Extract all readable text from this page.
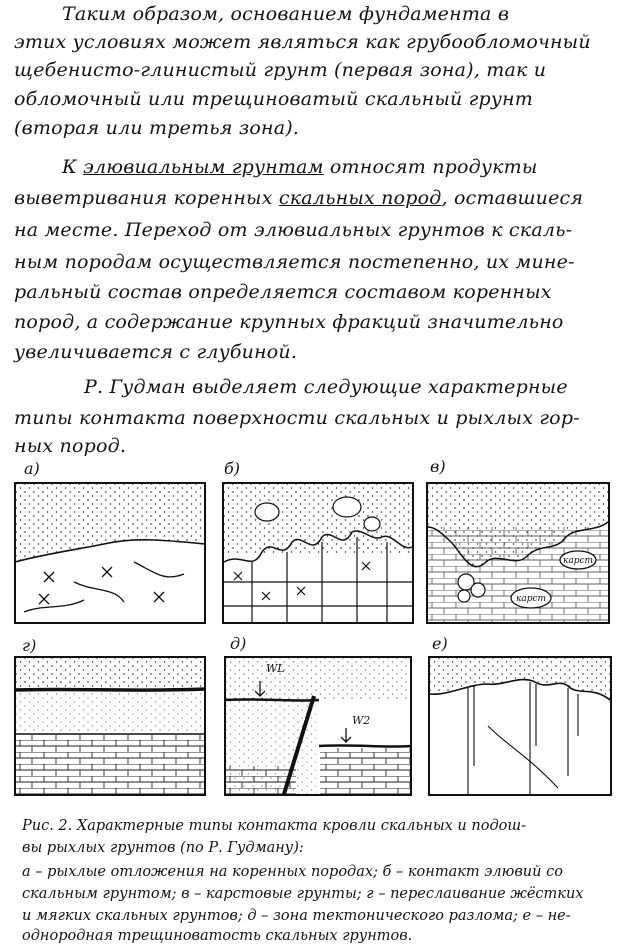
Таким образом, основанием фундамента в
этих условиях может являться как грубообломочный
щебенисто-глинистый грунт (первая зона), так и
обломочный или трещиноватый скальный грунт
(вторая или третья зона).
К элювиальным грунтам относят продукты
выветривания коренных скальных пород, оставшиеся
на месте. Переход от элювиальных грунтов к скаль-
ным породам осуществляется постепенно, их мине-
ральный состав определяется составом коренных
пород, а содержание крупных фракций значительно
увеличивается с глубиной.
Р. Гудман выделяет следующие характерные
типы контакта поверхности скальных и рыхлых гор-
ных пород.
а)	б)	в)
г)	д)	е)
карст
карст
WL
W2
Рис. 2. Характерные типы контакта кровли скальных и подош-
вы рыхлых грунтов (по Р. Гудману):
а – рыхлые отложения на коренных породах; б – контакт элювий со
скальным грунтом; в – карстовые грунты; г – переслаивание жёстких
и мягких скальных грунтов; д – зона тектонического разлома; е – не-
однородная трещиноватость скальных грунтов.
